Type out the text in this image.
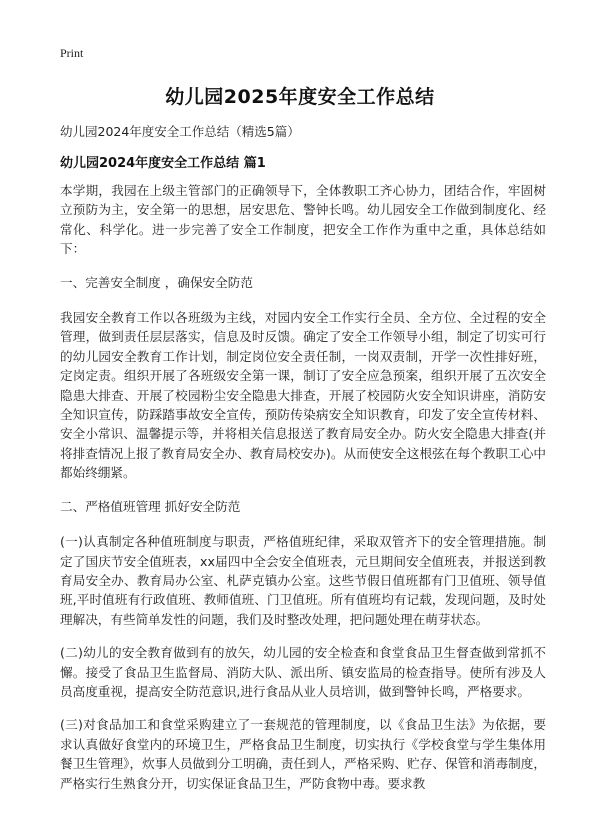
Print
幼儿园2025年度安全工作总结
幼儿园2024年度安全工作总结（精选5篇）
幼儿园2024年度安全工作总结 篇1

本学期，我园在上级主管部门的正确领导下，全体教职工齐心协力，团结合作，牢固树立预防为主，安全第一的思想，居安思危、警钟长鸣。幼儿园安全工作做到制度化、经常化、科学化。进一步完善了安全工作制度，把安全工作作为重中之重，具体总结如下：

一、完善安全制度 ，确保安全防范

我园安全教育工作以各班级为主线，对园内安全工作实行全员、全方位、全过程的安全管理，做到责任层层落实，信息及时反馈。确定了安全工作领导小组，制定了切实可行的幼儿园安全教育工作计划，制定岗位安全责任制，一岗双责制，开学一次性排好班，定岗定责。组织开展了各班级安全第一课，制订了安全应急预案，组织开展了五次安全隐患大排查、开展了校园粉尘安全隐患大排查，开展了校园防火安全知识讲座，消防安全知识宣传，防踩踏事故安全宣传，预防传染病安全知识教育，印发了安全宣传材料、安全小常识、温馨提示等，并将相关信息报送了教育局安全办。防火安全隐患大排查(并将排查情况上报了教育局安全办、教育局校安办)。从而使安全这根弦在每个教职工心中都始终绷紧。

二、严格值班管理 抓好安全防范

(一)认真制定各种值班制度与职责，严格值班纪律，采取双管齐下的安全管理措施。制定了国庆节安全值班表，xx届四中全会安全值班表，元旦期间安全值班表，并报送到教育局安全办、教育局办公室、札萨克镇办公室。这些节假日值班都有门卫值班、领导值班,平时值班有行政值班、教师值班、门卫值班。所有值班均有记载，发现问题，及时处理解决，有些简单发性的问题，我们及时整改处理，把问题处理在萌芽状态。

(二)幼儿的安全教育做到有的放矢，幼儿园的安全检查和食堂食品卫生督查做到常抓不懈。接受了食品卫生监督局、消防大队、派出所、镇安监局的检查指导。使所有涉及人员高度重视，提高安全防范意识,进行食品从业人员培训，做到警钟长鸣，严格要求。

(三)对食品加工和食堂采购建立了一套规范的管理制度，以《食品卫生法》为依据，要求认真做好食堂内的环境卫生，严格食品卫生制度，切实执行《学校食堂与学生集体用餐卫生管理》，炊事人员做到分工明确，责任到人，严格采购、贮存、保管和消毒制度，严格实行生熟食分开，切实保证食品卫生，严防食物中毒。要求教
